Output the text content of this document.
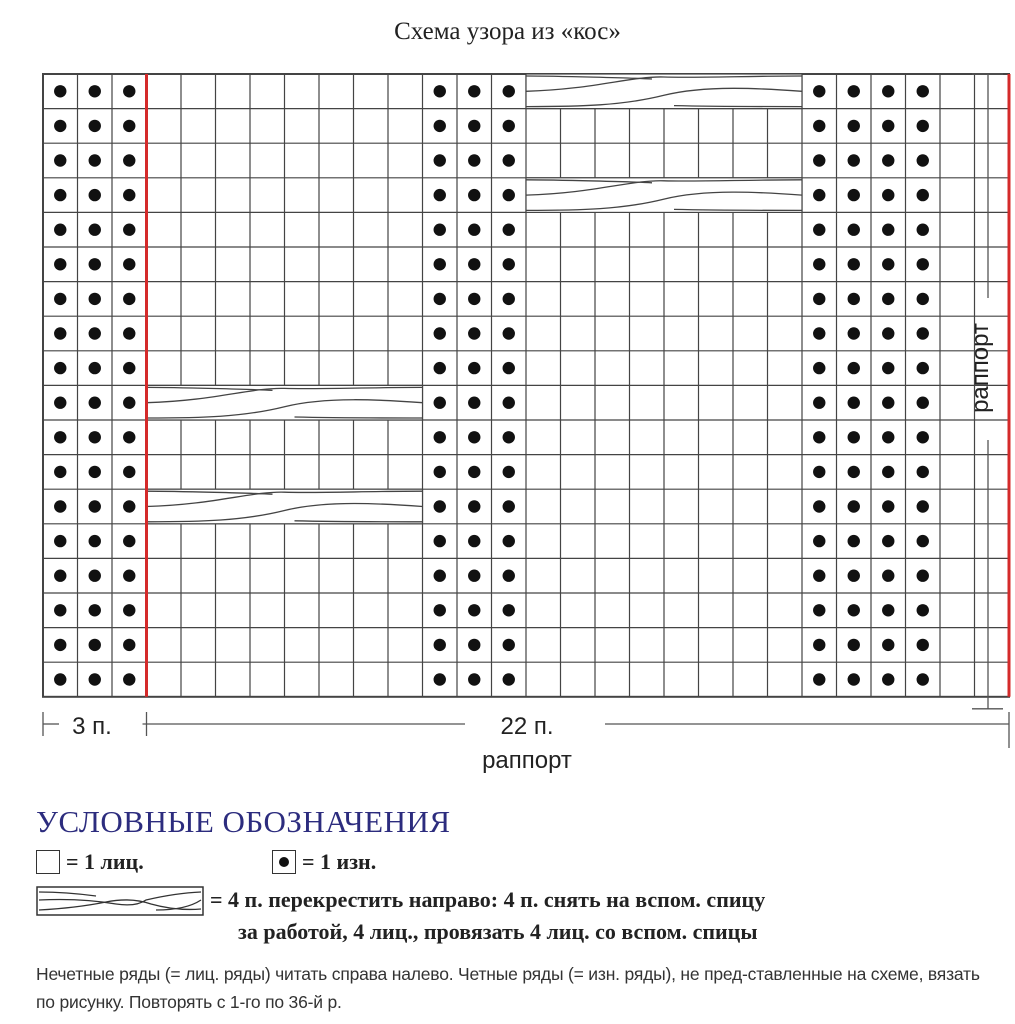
Схема узора из «кос»
3 п.	22 п.
раппорт
раппорт
УСЛОВНЫЕ ОБОЗНАЧЕНИЯ
= 1 лиц.	= 1 изн.
= 4 п. перекрестить направо: 4 п. снять на вспом. спицу
за работой, 4 лиц., провязать 4 лиц. со вспом. спицы

Нечетные ряды (= лиц. ряды) читать справа налево. Четные ряды (= изн. ряды), не пред-ставленные на схеме, вязать по рисунку. Повторять с 1-го по 36-й р.
